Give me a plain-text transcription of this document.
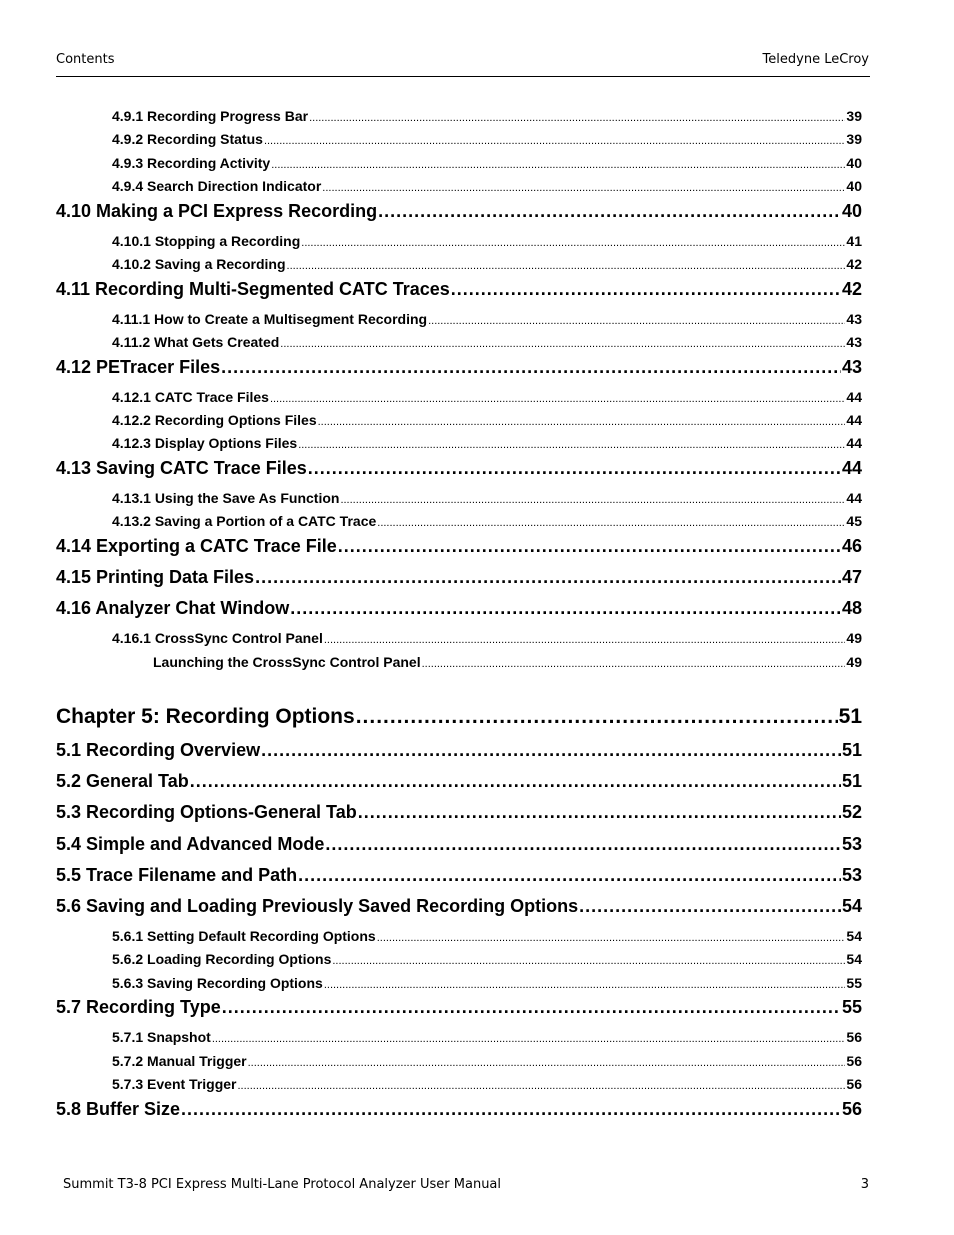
Contents	Teledyne LeCroy
4.9.1 Recording Progress Bar .....	39
4.9.2 Recording Status .....	39
4.9.3 Recording Activity .....	40
4.9.4 Search Direction Indicator .....	40
4.10 Making a PCI Express Recording .....	40
4.10.1 Stopping a Recording .....	41
4.10.2 Saving a Recording .....	42
4.11 Recording Multi-Segmented CATC Traces .....	42
4.11.1 How to Create a Multisegment Recording .....	43
4.11.2 What Gets Created .....	43
4.12 PETracer Files .....	43
4.12.1 CATC Trace Files .....	44
4.12.2 Recording Options Files .....	44
4.12.3 Display Options Files .....	44
4.13 Saving CATC Trace Files .....	44
4.13.1 Using the Save As Function .....	44
4.13.2 Saving a Portion of a CATC Trace .....	45
4.14 Exporting a CATC Trace File .....	46
4.15 Printing Data Files .....	47
4.16 Analyzer Chat Window .....	48
4.16.1 CrossSync Control Panel .....	49
Launching the CrossSync Control Panel .....	49
Chapter 5: Recording Options .....	51
5.1 Recording Overview .....	51
5.2 General Tab .....	51
5.3 Recording Options-General Tab .....	52
5.4 Simple and Advanced Mode .....	53
5.5 Trace Filename and Path .....	53
5.6 Saving and Loading Previously Saved Recording Options .....	54
5.6.1 Setting Default Recording Options .....	54
5.6.2 Loading Recording Options .....	54
5.6.3 Saving Recording Options .....	55
5.7 Recording Type .....	55
5.7.1 Snapshot .....	56
5.7.2 Manual Trigger .....	56
5.7.3 Event Trigger .....	56
5.8 Buffer Size .....	56
Summit T3-8 PCI Express Multi-Lane Protocol Analyzer User Manual	3
